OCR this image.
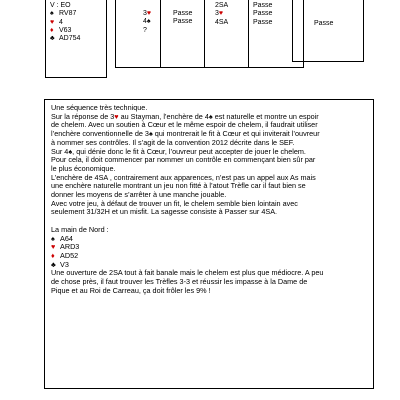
V : EO
♠ RV87
♥ 4
♦ V63
♣ AD754
3♥
4♠
?
Passe
Passe
2SA
3♥
4SA
Passe
Passe
Passe	Passe
Une séquence très technique.
Sur la réponse de 3♥ au Stayman, l’enchère de 4♠ est naturelle et montre un espoir
de chelem. Avec un soutien à Cœur et le même espoir de chelem, il faudrait utiliser
l’enchère conventionnelle de 3♠ qui montrerait le fit à Cœur et qui inviterait l’ouvreur
à nommer ses contrôles. Il s’agit de la convention 2012 décrite dans le SEF.
Sur 4♠, qui dénie donc le fit à Cœur, l’ouvreur peut accepter de jouer le chelem.
Pour cela, il doit commencer par nommer un contrôle en commençant bien sûr par
le plus économique.
L’enchère de 4SA , contrairement aux apparences, n’est pas un appel aux As mais
une enchère naturelle montrant un jeu non fitté à l’atout Trèfle car il faut bien se
donner les moyens de s’arrêter à une manche jouable.
Avec votre jeu, à défaut de trouver un fit, le chelem semble bien lointain avec
seulement 31/32H et un misfit. La sagesse consiste à Passer sur 4SA.
La main de Nord :
♠ A64
♥ ARD3
♦ AD52
♣ V3
Une ouverture de 2SA tout à fait banale mais le chelem est plus que médiocre. A peu
de chose près, il faut trouver les Trèfles 3-3 et réussir les impasse à la Dame de
Pique et au Roi de Carreau, ça doit frôler les 9% !
